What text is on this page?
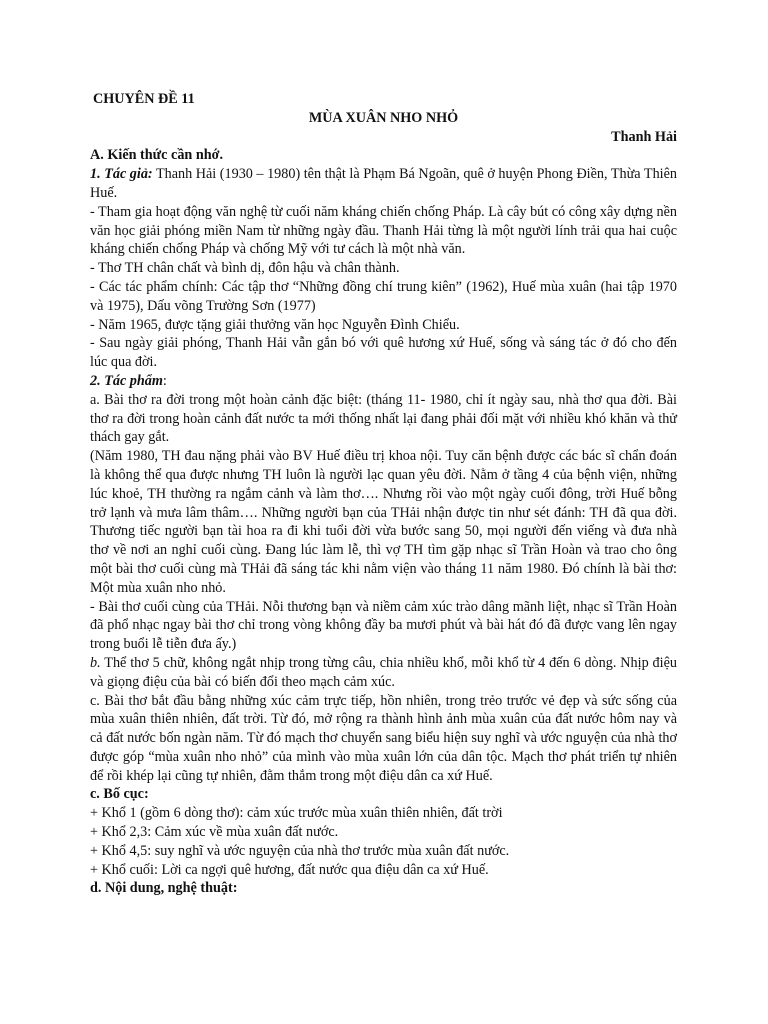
CHUYÊN ĐỀ 11

MÙA XUÂN NHO NHỎ

Thanh Hải

A. Kiến thức cần nhớ.

1. Tác giả: Thanh Hải (1930 – 1980) tên thật là Phạm Bá Ngoãn, quê ở huyện Phong Điền, Thừa Thiên Huế.

- Tham gia hoạt động văn nghệ từ cuối năm kháng chiến chống Pháp. Là cây bút có công xây dựng nền văn học giải phóng miền Nam từ những ngày đầu. Thanh Hải từng là một người lính trải qua hai cuộc kháng chiến chống Pháp và chống Mỹ với tư cách là một nhà văn.

- Thơ TH chân chất và bình dị, đôn hậu và chân thành.

- Các tác phẩm chính: Các tập thơ “Những đồng chí trung kiên” (1962), Huế mùa xuân (hai tập 1970 và 1975), Dấu võng Trường Sơn (1977)

- Năm 1965, được tặng giải thưởng văn học Nguyễn Đình Chiểu.

- Sau ngày giải phóng, Thanh Hải vẫn gắn bó với quê hương xứ Huế, sống và sáng tác ở đó cho đến lúc qua đời.

2. Tác phẩm:

a. Bài thơ ra đời trong một hoàn cảnh đặc biệt: (tháng 11- 1980, chỉ ít ngày sau, nhà thơ qua đời. Bài thơ ra đời trong hoàn cảnh đất nước ta mới thống nhất lại đang phải đối mặt với nhiều khó khăn và thử thách gay gắt.

(Năm 1980, TH đau nặng phải vào BV Huế điều trị khoa nội. Tuy căn bệnh được các bác sĩ chẩn đoán là không thể qua được nhưng TH luôn là người lạc quan yêu đời. Nằm ở tầng 4 của bệnh viện, những lúc khoẻ, TH thường ra ngắm cảnh và làm thơ…. Nhưng rồi vào một ngày cuối đông, trời Huế bỗng trở lạnh và mưa lâm thâm…. Những người bạn của THải nhận được tin như sét đánh: TH đã qua đời. Thương tiếc người bạn tài hoa ra đi khi tuổi đời vừa bước sang 50, mọi người đến viếng và đưa nhà thơ về nơi an nghỉ cuối cùng. Đang lúc làm lễ, thì vợ TH tìm gặp nhạc sĩ Trần Hoàn và trao cho ông một bài thơ cuối cùng mà THải đã sáng tác khi nằm viện vào tháng 11 năm 1980. Đó chính là bài thơ: Một mùa xuân nho nhỏ.

- Bài thơ cuối cùng của THải. Nỗi thương bạn và niềm cảm xúc trào dâng mãnh liệt, nhạc sĩ Trần Hoàn đã phổ nhạc ngay bài thơ chỉ trong vòng không đầy ba mươi phút và bài hát đó đã được vang lên ngay trong buổi lễ tiễn đưa ấy.)

b. Thể thơ 5 chữ, không ngắt nhịp trong từng câu, chia nhiều khổ, mỗi khổ từ 4 đến 6 dòng. Nhịp điệu và giọng điệu của bài có biến đổi theo mạch cảm xúc.

c. Bài thơ bắt đầu bằng những xúc cảm trực tiếp, hồn nhiên, trong trẻo trước vẻ đẹp và sức sống của mùa xuân thiên nhiên, đất trời. Từ đó, mở rộng ra thành hình ảnh mùa xuân của đất nước hôm nay và cả đất nước bốn ngàn năm. Từ đó mạch thơ chuyển sang biểu hiện suy nghĩ và ước nguyện của nhà thơ được góp “mùa xuân nho nhỏ” của mình vào mùa xuân lớn của dân tộc. Mạch thơ phát triển tự nhiên để rồi khép lại cũng tự nhiên, đằm thắm trong một điệu dân ca xứ Huế.

c. Bố cục:

+ Khổ 1 (gồm 6 dòng thơ): cảm xúc trước mùa xuân thiên nhiên, đất trời

+ Khổ 2,3: Cảm xúc về mùa xuân đất nước.

+ Khổ 4,5: suy nghĩ và ước nguyện của nhà thơ trước mùa xuân đất nước.

+ Khổ cuối: Lời ca ngợi quê hương, đất nước qua điệu dân ca xứ Huế.

d. Nội dung, nghệ thuật:
